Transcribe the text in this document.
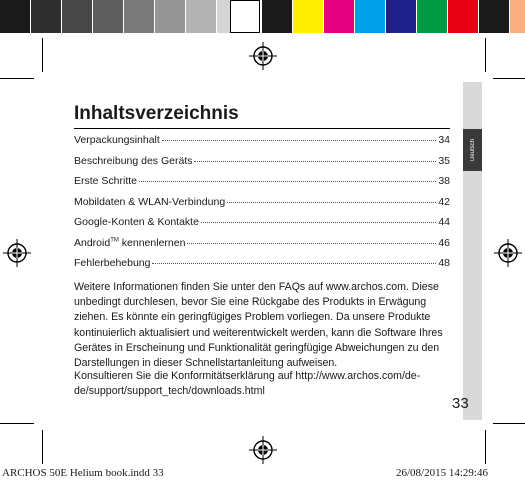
Deutsch
Inhaltsverzeichnis
Verpackungsinhalt	34
Beschreibung des Geräts	35
Erste Schritte	38
Mobildaten & WLAN-Verbindung	42
Google-Konten & Kontakte	44
Android™ kennenlernen	46
Fehlerbehebung	48

Weitere Informationen finden Sie unter den FAQs auf www.archos.com. Diese unbedingt durchlesen, bevor Sie eine Rückgabe des Produkts in Erwägung ziehen. Es könnte ein geringfügiges Problem vorliegen. Da unsere Produkte kontinuierlich aktualisiert und weiterentwickelt werden, kann die Software Ihres Gerätes in Erscheinung und Funktionalität geringfügige Abweichungen zu den Darstellungen in dieser Schnellstartanleitung aufweisen.

Konsultieren Sie die Konformitätserklärung auf http://www.archos.com/de-de/support/support_tech/downloads.html

33
ARCHOS 50E Helium book.indd 33	26/08/2015 14:29:46
